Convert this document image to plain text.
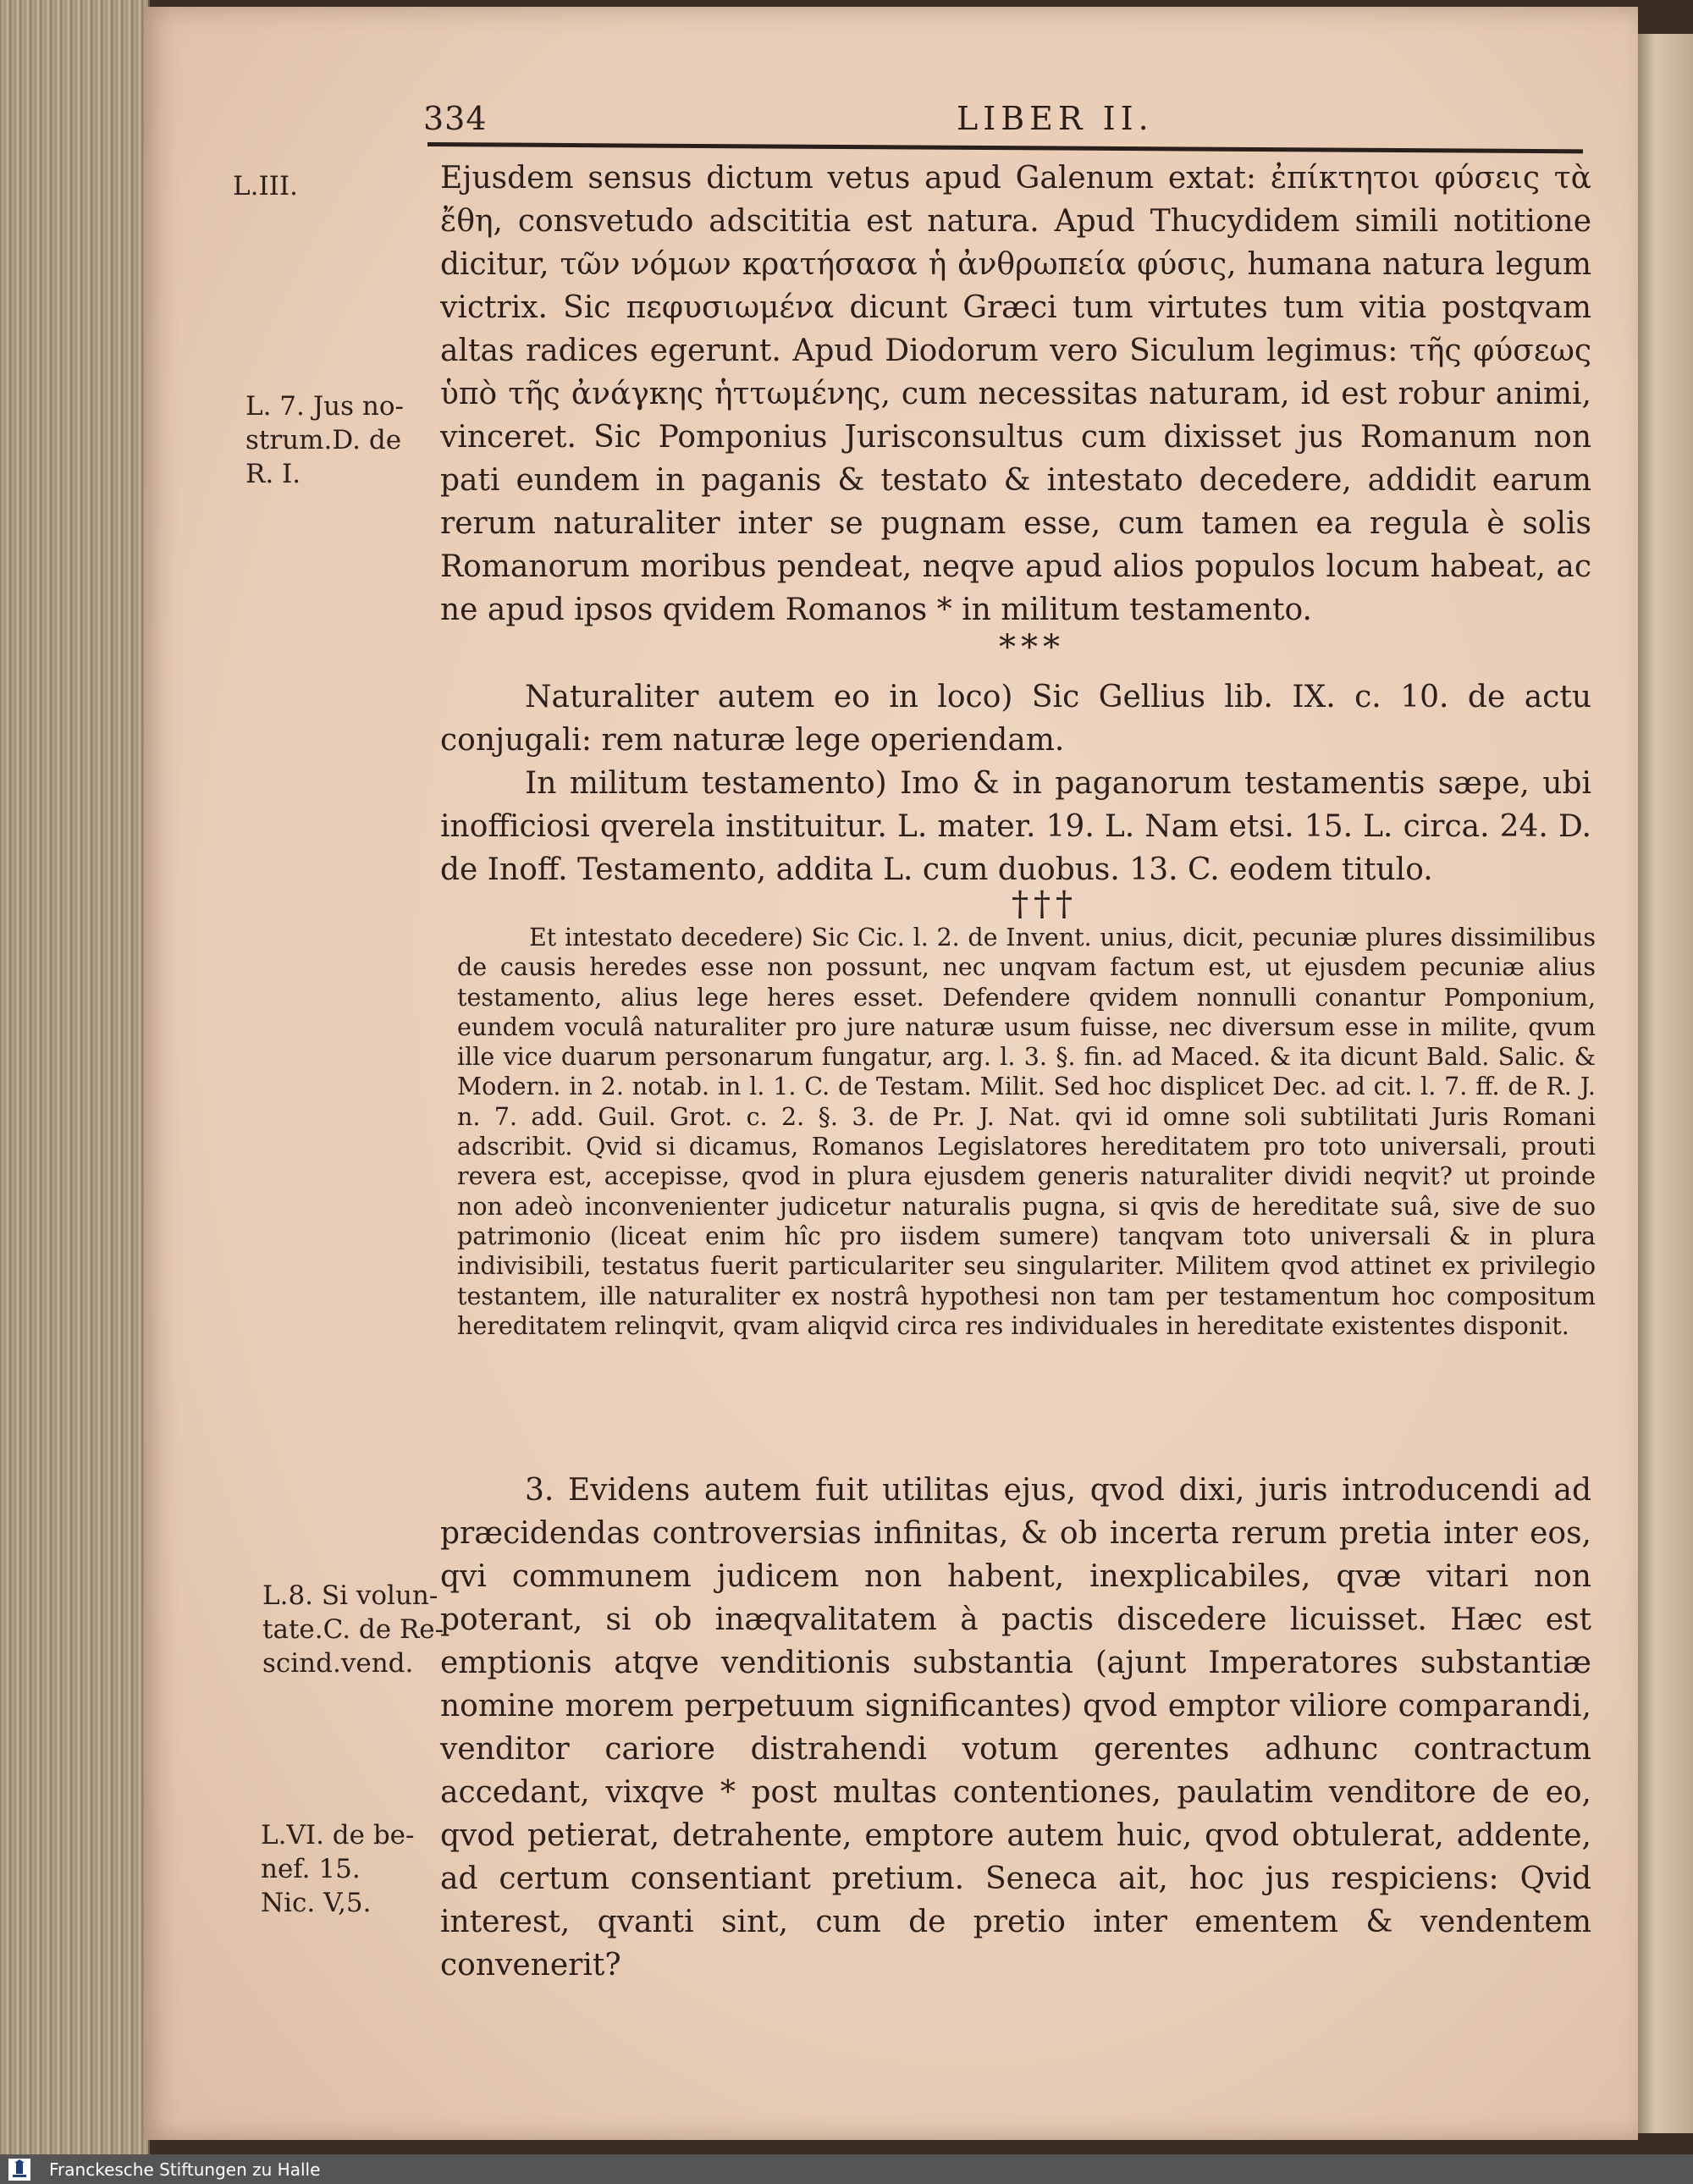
334	LIBER II.
L.III.
L. 7. Jus no-
strum.D. de
R. I.
L.8. Si volun-
tate.C. de Re-
scind.vend.
L.VI. de be-
nef. 15.
Nic. V,5.

Ejusdem sensus dictum vetus apud Galenum extat: ἐπίκτητοι φύσεις τὰ ἔθη, consvetudo adscititia est natura. Apud Thucydidem simili notitione dicitur, τῶν νόμων κρατήσασα ἡ ἀνθρωπεία φύσις, humana natura legum victrix. Sic πεφυσιωμένα dicunt Græci tum virtutes tum vitia postqvam altas radices egerunt. Apud Diodorum vero Siculum legimus: τῆς φύσεως ὑπὸ τῆς ἀνάγκης ἡττωμένης, cum necessitas naturam, id est robur animi, vinceret. Sic Pomponius Jurisconsultus cum dixisset jus Romanum non pati eundem in paganis & testato & intestato decedere, addidit earum rerum naturaliter inter se pugnam esse, cum tamen ea regula è solis Romanorum moribus pendeat, neqve apud alios populos locum habeat, ac ne apud ipsos qvidem Romanos * in militum testamento.

***

Naturaliter autem eo in loco) Sic Gellius lib. IX. c. 10. de actu conjugali: rem naturæ lege operiendam.

In militum testamento) Imo & in paganorum testamentis sæpe, ubi inofficiosi qverela instituitur. L. mater. 19. L. Nam etsi. 15. L. circa. 24. D. de Inoff. Testamento, addita L. cum duobus. 13. C. eodem titulo.

†††

Et intestato decedere) Sic Cic. l. 2. de Invent. unius, dicit, pecuniæ plures dissimilibus de causis heredes esse non possunt, nec unqvam factum est, ut ejusdem pecuniæ alius testamento, alius lege heres esset. Defendere qvidem nonnulli conantur Pomponium, eundem voculâ naturaliter pro jure naturæ usum fuisse, nec diversum esse in milite, qvum ille vice duarum personarum fungatur, arg. l. 3. §. fin. ad Maced. & ita dicunt Bald. Salic. & Modern. in 2. notab. in l. 1. C. de Testam. Milit. Sed hoc displicet Dec. ad cit. l. 7. ff. de R. J. n. 7. add. Guil. Grot. c. 2. §. 3. de Pr. J. Nat. qvi id omne soli subtilitati Juris Romani adscribit. Qvid si dicamus, Romanos Legislatores hereditatem pro toto universali, prouti revera est, accepisse, qvod in plura ejusdem generis naturaliter dividi neqvit? ut proinde non adeò inconvenienter judicetur naturalis pugna, si qvis de hereditate suâ, sive de suo patrimonio (liceat enim hîc pro iisdem sumere) tanqvam toto universali & in plura indivisibili, testatus fuerit particulariter seu singulariter. Militem qvod attinet ex privilegio testantem, ille naturaliter ex nostrâ hypothesi non tam per testamentum hoc compositum hereditatem relinqvit, qvam aliqvid circa res individuales in hereditate existentes disponit.

3. Evidens autem fuit utilitas ejus, qvod dixi, juris introducendi ad præcidendas controversias infinitas, & ob incerta rerum pretia inter eos, qvi communem judicem non habent, inexplicabiles, qvæ vitari non poterant, si ob inæqvalitatem à pactis discedere licuisset. Hæc est emptionis atqve venditionis substantia (ajunt Imperatores substantiæ nomine morem perpetuum significantes) qvod emptor viliore comparandi, venditor cariore distrahendi votum gerentes adhunc contractum accedant, vixqve * post multas contentiones, paulatim venditore de eo, qvod petierat, detrahente, emptore autem huic, qvod obtulerat, addente, ad certum consentiant pretium. Seneca ait, hoc jus respiciens: Qvid interest, qvanti sint, cum de pretio inter ementem & vendentem convenerit?

Franckesche Stiftungen zu Halle
